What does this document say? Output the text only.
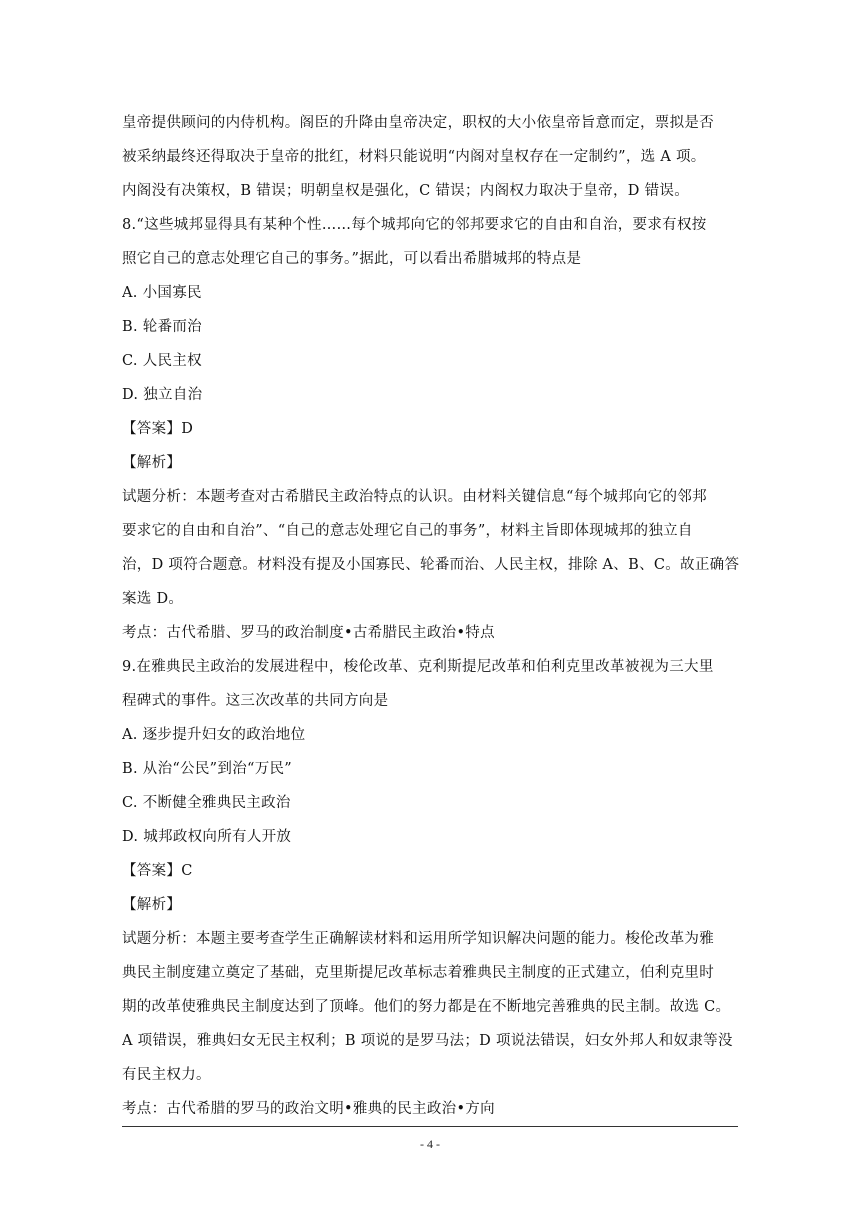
皇帝提供顾问的内侍机构。阁臣的升降由皇帝决定，职权的大小依皇帝旨意而定，票拟是否
被采纳最终还得取决于皇帝的批红，材料只能说明“内阁对皇权存在一定制约”，选 A 项。
内阁没有决策权，B 错误；明朝皇权是强化，C 错误；内阁权力取决于皇帝，D 错误。
8.“这些城邦显得具有某种个性……每个城邦向它的邻邦要求它的自由和自治，要求有权按
照它自己的意志处理它自己的事务。”据此，可以看出希腊城邦的特点是
A. 小国寡民
B. 轮番而治
C. 人民主权
D. 独立自治
【答案】D
【解析】
试题分析：本题考查对古希腊民主政治特点的认识。由材料关键信息“每个城邦向它的邻邦
要求它的自由和自治”、“自己的意志处理它自己的事务”，材料主旨即体现城邦的独立自
治，D 项符合题意。材料没有提及小国寡民、轮番而治、人民主权，排除 A、B、C。故正确答
案选 D。
考点：古代希腊、罗马的政治制度•古希腊民主政治•特点
9.在雅典民主政治的发展进程中，梭伦改革、克利斯提尼改革和伯利克里改革被视为三大里
程碑式的事件。这三次改革的共同方向是
A. 逐步提升妇女的政治地位
B. 从治“公民”到治“万民”
C. 不断健全雅典民主政治
D. 城邦政权向所有人开放
【答案】C
【解析】
试题分析：本题主要考查学生正确解读材料和运用所学知识解决问题的能力。梭伦改革为雅
典民主制度建立奠定了基础，克里斯提尼改革标志着雅典民主制度的正式建立，伯利克里时
期的改革使雅典民主制度达到了顶峰。他们的努力都是在不断地完善雅典的民主制。故选 C。
A 项错误，雅典妇女无民主权利；B 项说的是罗马法；D 项说法错误，妇女外邦人和奴隶等没
有民主权力。
考点：古代希腊的罗马的政治文明•雅典的民主政治•方向
- 4 -
